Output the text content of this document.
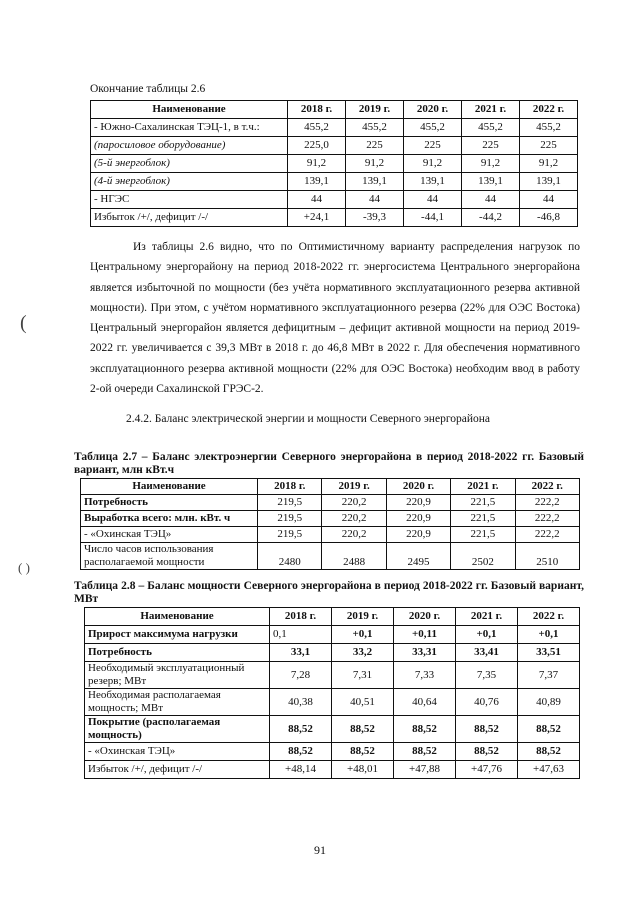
Окончание таблицы 2.6
Наименование	2018 г.	2019 г.	2020 г.	2021 г.	2022 г.
- Южно-Сахалинская ТЭЦ-1, в т.ч.:	455,2	455,2	455,2	455,2	455,2
(паросиловое оборудование)	225,0	225	225	225	225
(5-й энергоблок)	91,2	91,2	91,2	91,2	91,2
(4-й энергоблок)	139,1	139,1	139,1	139,1	139,1
- НГЭС	44	44	44	44	44
Избыток /+/, дефицит /-/	+24,1	-39,3	-44,1	-44,2	-46,8
Из таблицы 2.6 видно, что по Оптимистичному варианту распределения нагрузок по Центральному энергорайону на период 2018-2022 гг. энергосистема Центрального энергорайона является избыточной по мощности (без учёта нормативного эксплуатационного резерва активной мощности). При этом, с учётом нормативного эксплуатационного резерва (22% для ОЭС Востока) Центральный энергорайон является дефицитным – дефицит активной мощности на период 2019-2022 гг. увеличивается с 39,3 МВт в 2018 г. до 46,8 МВт в 2022 г. Для обеспечения нормативного эксплуатационного резерва активной мощности (22% для ОЭС Востока) необходим ввод в работу 2-ой очереди Сахалинской ГРЭС-2.
2.4.2. Баланс электрической энергии и мощности Северного энергорайона
Таблица 2.7 – Баланс электроэнергии Северного энергорайона в период 2018-2022 гг. Базовый вариант, млн кВт.ч
Наименование	2018 г.	2019 г.	2020 г.	2021 г.	2022 г.
Потребность	219,5	220,2	220,9	221,5	222,2
Выработка всего: млн. кВт. ч	219,5	220,2	220,9	221,5	222,2
- «Охинская ТЭЦ»	219,5	220,2	220,9	221,5	222,2
Число часов использования располагаемой мощности	2480	2488	2495	2502	2510
Таблица 2.8 – Баланс мощности Северного энергорайона в период 2018-2022 гг. Базовый вариант, МВт
Наименование	2018 г.	2019 г.	2020 г.	2021 г.	2022 г.
Прирост максимума нагрузки	0,1	+0,1	+0,11	+0,1	+0,1
Потребность	33,1	33,2	33,31	33,41	33,51
Необходимый эксплуатационный резерв; МВт	7,28	7,31	7,33	7,35	7,37
Необходимая располагаемая мощность; МВт	40,38	40,51	40,64	40,76	40,89
Покрытие (располагаемая мощность)	88,52	88,52	88,52	88,52	88,52
- «Охинская ТЭЦ»	88,52	88,52	88,52	88,52	88,52
Избыток /+/, дефицит /-/	+48,14	+48,01	+47,88	+47,76	+47,63
91
(
( )
